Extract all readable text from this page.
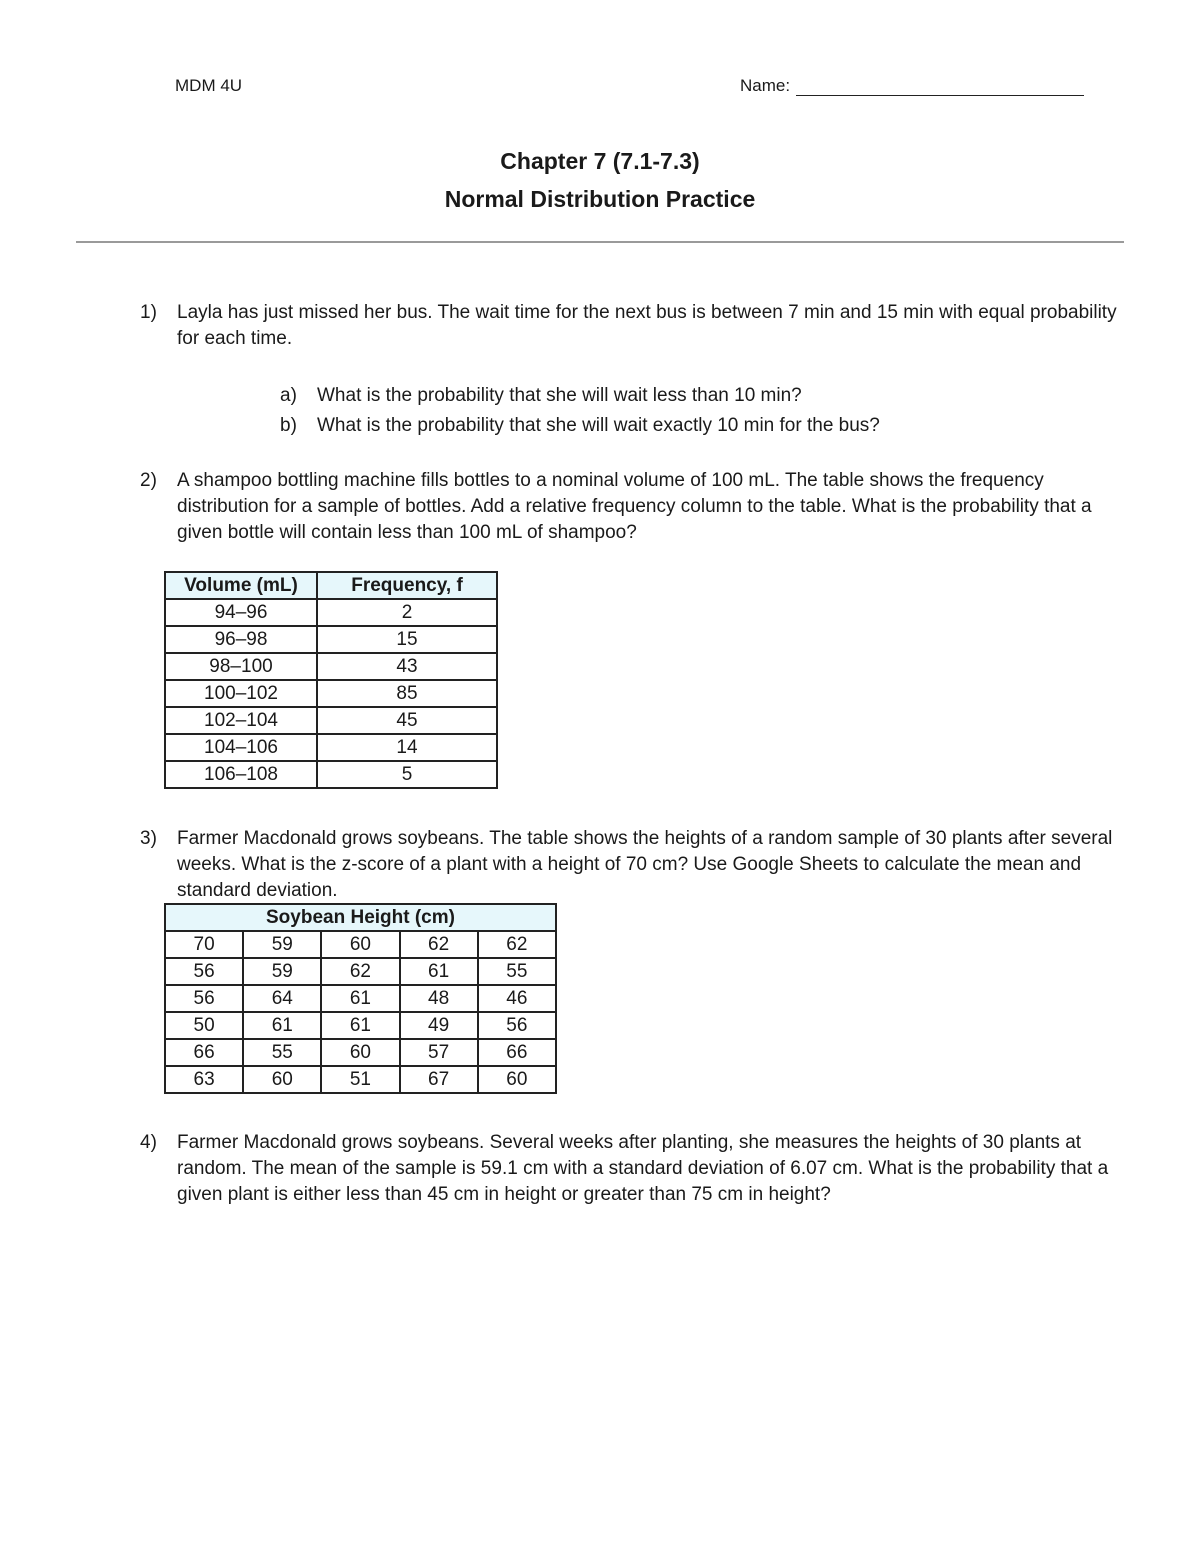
MDM 4U	Name:
Chapter 7 (7.1-7.3)
Normal Distribution Practice
1) Layla has just missed her bus. The wait time for the next bus is between 7 min and 15 min with equal probability for each time.
a) What is the probability that she will wait less than 10 min?
b) What is the probability that she will wait exactly 10 min for the bus?
2) A shampoo bottling machine fills bottles to a nominal volume of 100 mL. The table shows the frequency distribution for a sample of bottles. Add a relative frequency column to the table. What is the probability that a given bottle will contain less than 100 mL of shampoo?
Volume (mL)	Frequency, f
94–96	2
96–98	15
98–100	43
100–102	85
102–104	45
104–106	14
106–108	5
3) Farmer Macdonald grows soybeans. The table shows the heights of a random sample of 30 plants after several weeks. What is the z-score of a plant with a height of 70 cm? Use Google Sheets to calculate the mean and standard deviation.
Soybean Height (cm)				
70	59	60	62	62
56	59	62	61	55
56	64	61	48	46
50	61	61	49	56
66	55	60	57	66
63	60	51	67	60
4) Farmer Macdonald grows soybeans. Several weeks after planting, she measures the heights of 30 plants at random. The mean of the sample is 59.1 cm with a standard deviation of 6.07 cm. What is the probability that a given plant is either less than 45 cm in height or greater than 75 cm in height?
